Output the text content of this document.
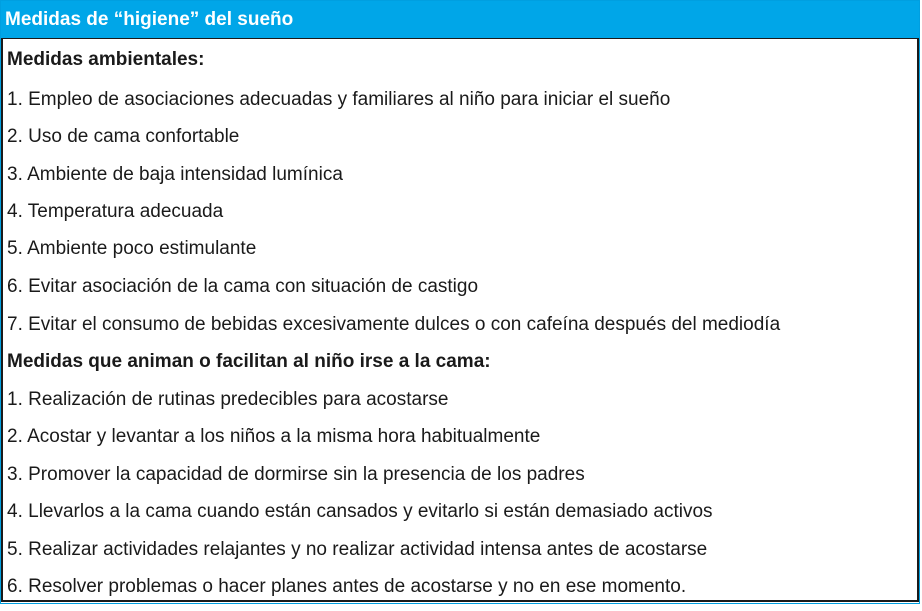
Medidas de “higiene” del sueño
Medidas ambientales:
1. Empleo de asociaciones adecuadas y familiares al niño para iniciar el sueño
2. Uso de cama confortable
3. Ambiente de baja intensidad lumínica
4. Temperatura adecuada
5. Ambiente poco estimulante
6. Evitar asociación de la cama con situación de castigo
7. Evitar el consumo de bebidas excesivamente dulces o con cafeína después del mediodía
Medidas que animan o facilitan al niño irse a la cama:
1. Realización de rutinas predecibles para acostarse
2. Acostar y levantar a los niños a la misma hora habitualmente
3. Promover la capacidad de dormirse sin la presencia de los padres
4. Llevarlos a la cama cuando están cansados y evitarlo si están demasiado activos
5. Realizar actividades relajantes y no realizar actividad intensa antes de acostarse
6. Resolver problemas o hacer planes antes de acostarse y no en ese momento.
